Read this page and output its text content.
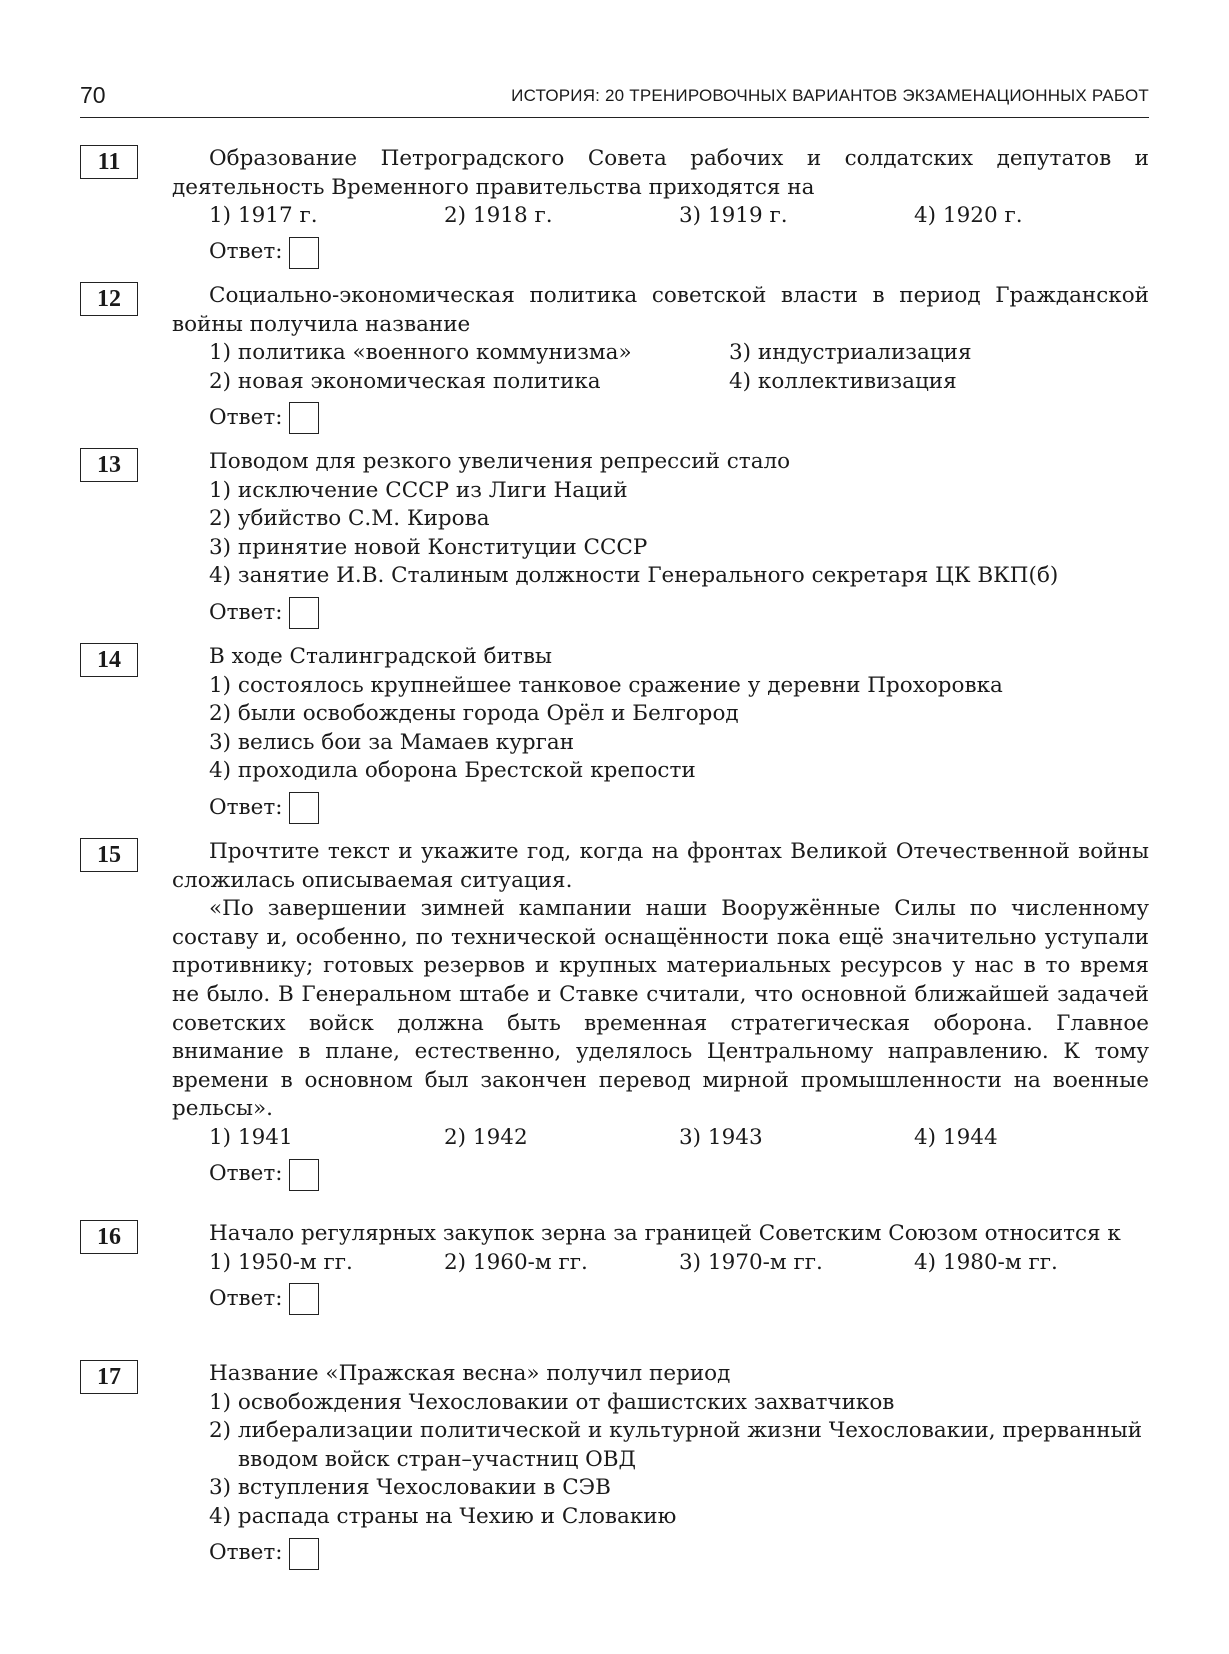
70	ИСТОРИЯ: 20 ТРЕНИРОВОЧНЫХ ВАРИАНТОВ ЭКЗАМЕНАЦИОННЫХ РАБОТ
11	Образование Петроградского Совета рабочих и солдатских депутатов и деятельность Временного правительства приходятся на
1) 1917 г.	2) 1918 г.	3) 1919 г.	4) 1920 г.
Ответ:
12	Социально-экономическая политика советской власти в период Гражданской войны получила название
1) политика «военного коммунизма»	3) индустриализация
2) новая экономическая политика	4) коллективизация
Ответ:
13	Поводом для резкого увеличения репрессий стало
1) исключение СССР из Лиги Наций
2) убийство С.М. Кирова
3) принятие новой Конституции СССР
4) занятие И.В. Сталиным должности Генерального секретаря ЦК ВКП(б)
Ответ:
14	В ходе Сталинградской битвы
1) состоялось крупнейшее танковое сражение у деревни Прохоровка
2) были освобождены города Орёл и Белгород
3) велись бои за Мамаев курган
4) проходила оборона Брестской крепости
Ответ:
15	Прочтите текст и укажите год, когда на фронтах Великой Отечественной войны сложилась описываемая ситуация.
«По завершении зимней кампании наши Вооружённые Силы по численному составу и, особенно, по технической оснащённости пока ещё значительно уступали противнику; готовых резервов и крупных материальных ресурсов у нас в то время не было. В Генеральном штабе и Ставке считали, что основной ближайшей задачей советских войск должна быть временная стратегическая оборона. Главное внимание в плане, естественно, уделялось Центральному направлению. К тому времени в основном был закончен перевод мирной промышленности на военные рельсы».
1) 1941	2) 1942	3) 1943	4) 1944
Ответ:
16	Начало регулярных закупок зерна за границей Советским Союзом относится к
1) 1950-м гг.	2) 1960-м гг.	3) 1970-м гг.	4) 1980-м гг.
Ответ:
17	Название «Пражская весна» получил период
1) освобождения Чехословакии от фашистских захватчиков
2) либерализации политической и культурной жизни Чехословакии, прерванный вводом войск стран–участниц ОВД
3) вступления Чехословакии в СЭВ
4) распада страны на Чехию и Словакию
Ответ:
